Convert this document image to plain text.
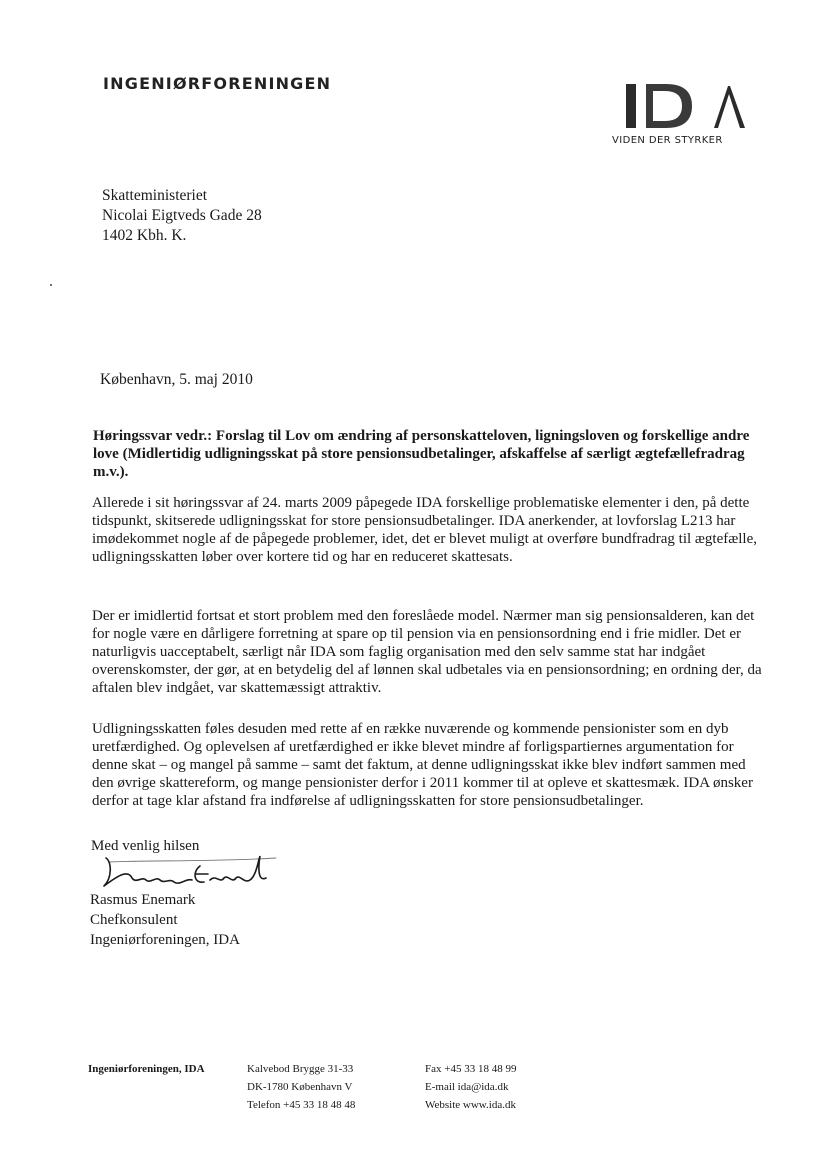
INGENIØRFORENINGEN
VIDEN DER STYRKER
Skatteministeriet
Nicolai Eigtveds Gade 28
1402 Kbh. K.
København, 5. maj 2010
Høringssvar vedr.: Forslag til Lov om ændring af personskatteloven, ligningsloven og forskellige andre love (Midlertidig udligningsskat på store pensionsudbetalinger, afskaffelse af særligt ægtefællefradrag m.v.).
Allerede i sit høringssvar af 24. marts 2009 påpegede IDA forskellige problematiske elementer i den, på dette tidspunkt, skitserede udligningsskat for store pensionsudbetalinger. IDA anerkender, at lovforslag L213 har imødekommet nogle af de påpegede problemer, idet, det er blevet muligt at overføre bundfradrag til ægtefælle, udligningsskatten løber over kortere tid og har en reduceret skattesats.
Der er imidlertid fortsat et stort problem med den foreslåede model. Nærmer man sig pensionsalderen, kan det for nogle være en dårligere forretning at spare op til pension via en pensionsordning end i frie midler. Det er naturligvis uacceptabelt, særligt når IDA som faglig organisation med den selv samme stat har indgået overenskomster, der gør, at en betydelig del af lønnen skal udbetales via en pensionsordning; en ordning der, da aftalen blev indgået, var skattemæssigt attraktiv.
Udligningsskatten føles desuden med rette af en række nuværende og kommende pensionister som en dyb uretfærdighed. Og oplevelsen af uretfærdighed er ikke blevet mindre af forligspartiernes argumentation for denne skat – og mangel på samme – samt det faktum, at denne udligningsskat ikke blev indført sammen med den øvrige skattereform, og mange pensionister derfor i 2011 kommer til at opleve et skattesmæk. IDA ønsker derfor at tage klar afstand fra indførelse af udligningsskatten for store pensionsudbetalinger.
Med venlig hilsen
Rasmus Enemark
Chefkonsulent
Ingeniørforeningen, IDA
Ingeniørforeningen, IDA	Kalvebod Brygge 31-33
DK-1780 København V
Telefon +45 33 18 48 48
Fax +45 33 18 48 99
E-mail ida@ida.dk
Website www.ida.dk
